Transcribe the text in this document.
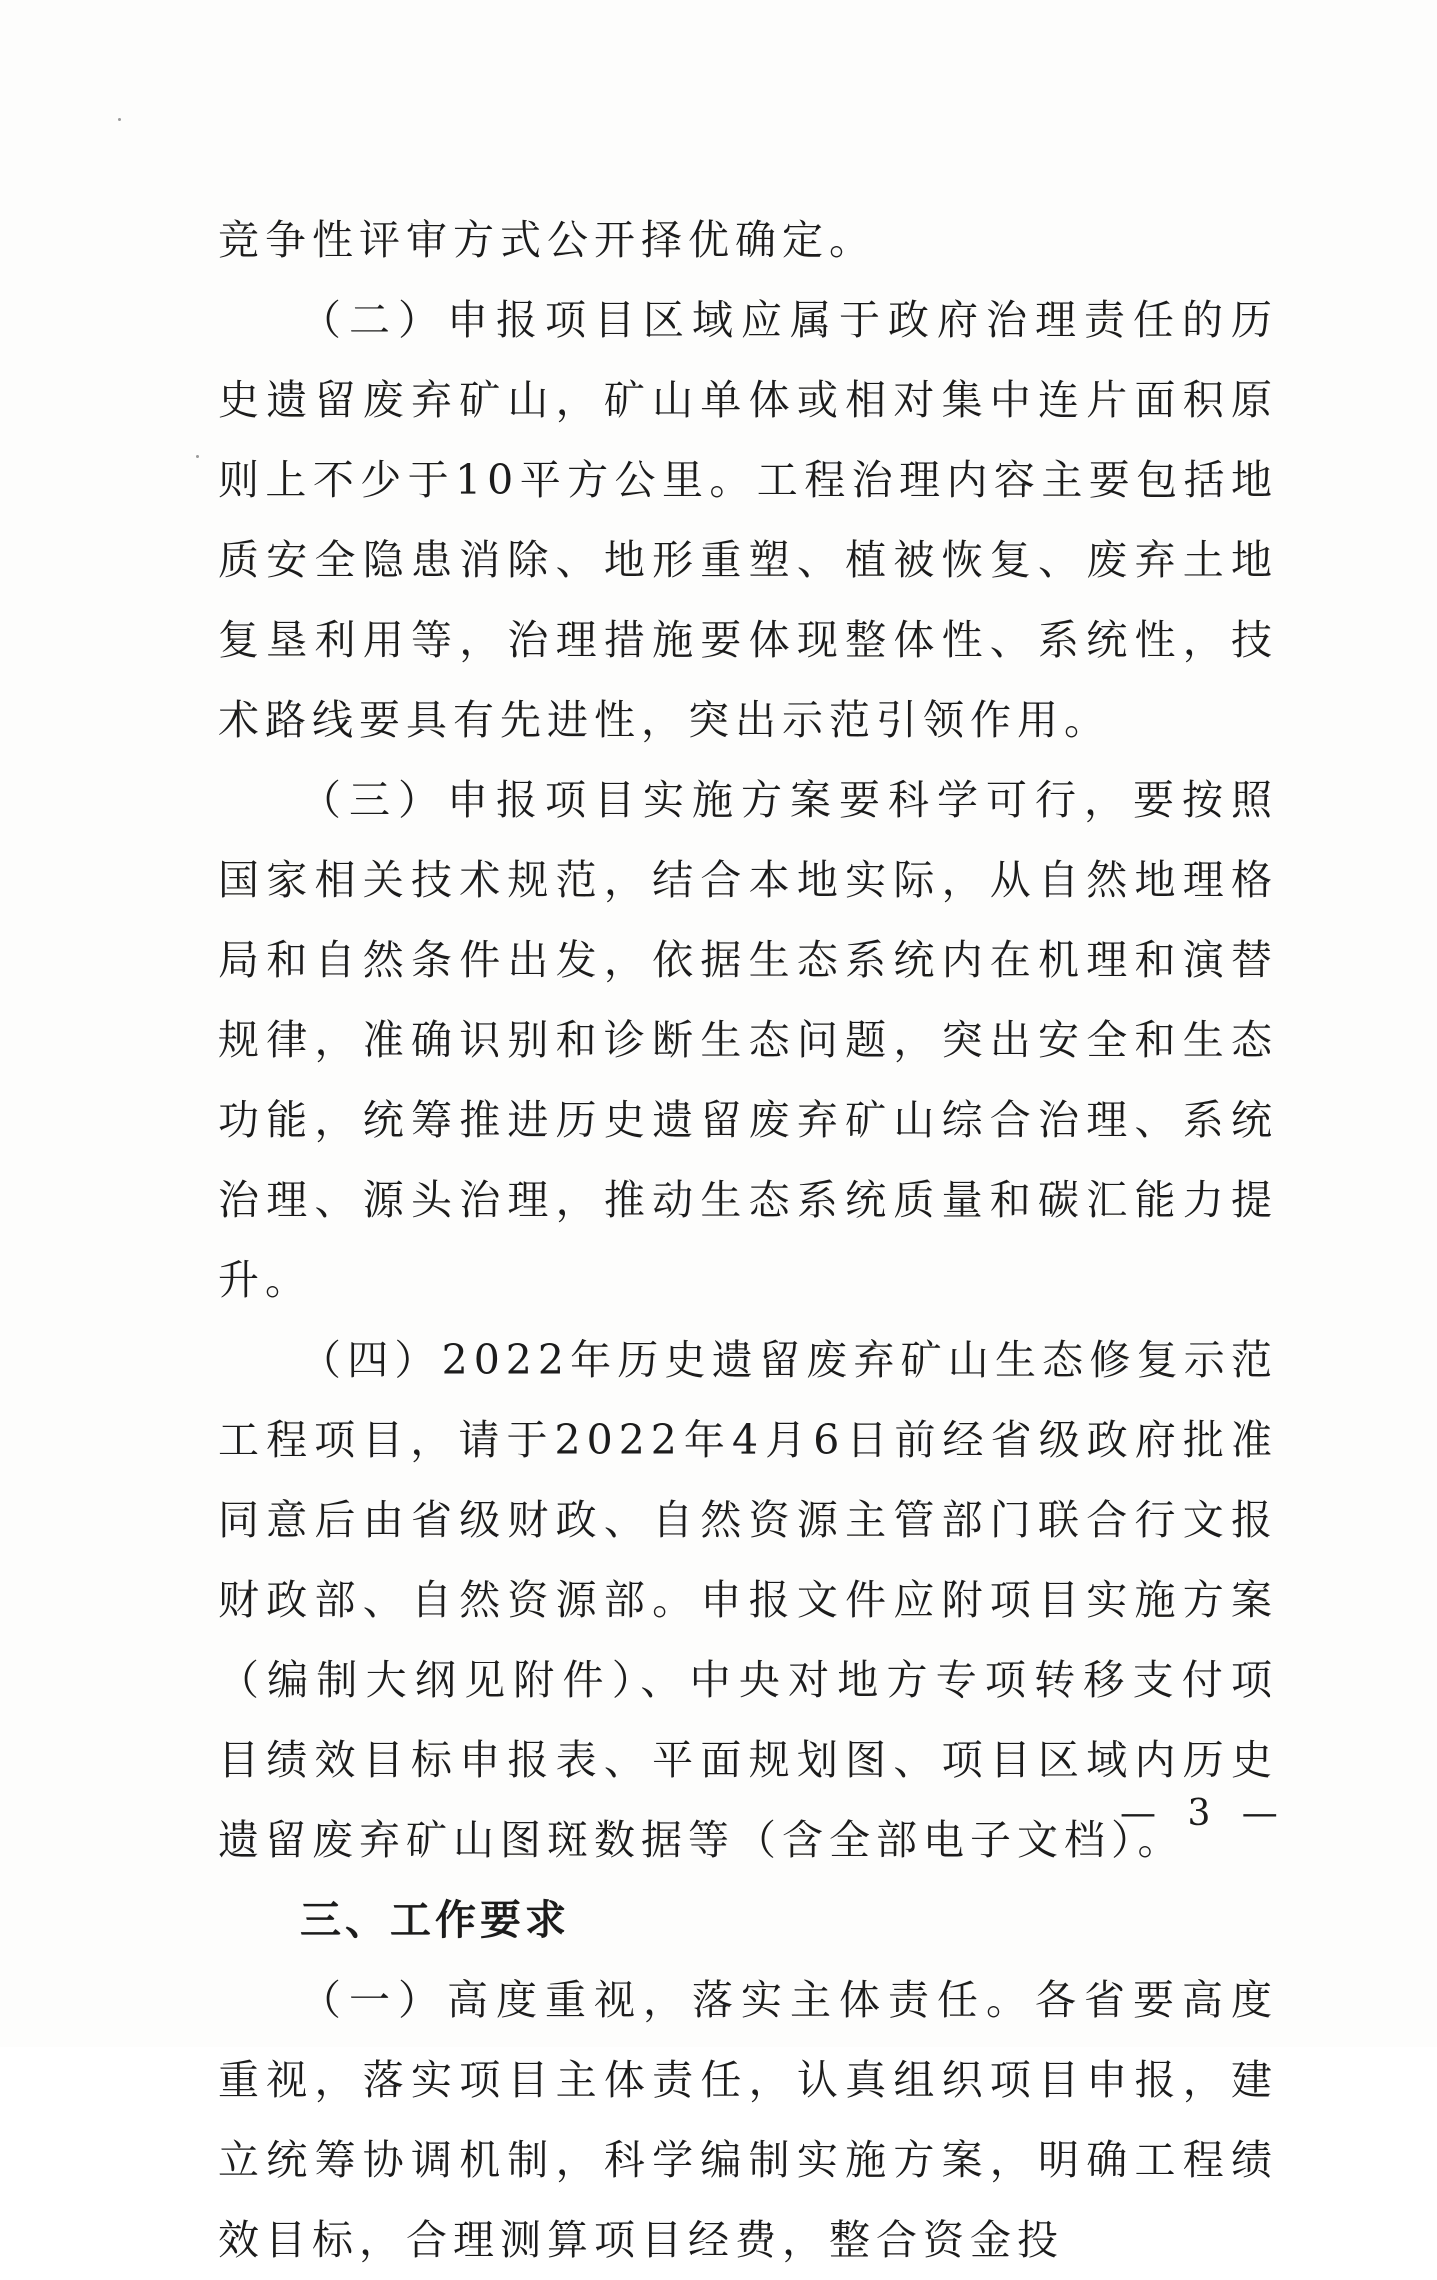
竞争性评审方式公开择优确定。

（二）申报项目区域应属于政府治理责任的历史遗留废弃矿山，矿山单体或相对集中连片面积原则上不少于10平方公里。工程治理内容主要包括地质安全隐患消除、地形重塑、植被恢复、废弃土地复垦利用等，治理措施要体现整体性、系统性，技术路线要具有先进性，突出示范引领作用。

（三）申报项目实施方案要科学可行，要按照国家相关技术规范，结合本地实际，从自然地理格局和自然条件出发，依据生态系统内在机理和演替规律，准确识别和诊断生态问题，突出安全和生态功能，统筹推进历史遗留废弃矿山综合治理、系统治理、源头治理，推动生态系统质量和碳汇能力提升。

（四）2022年历史遗留废弃矿山生态修复示范工程项目，请于2022年4月6日前经省级政府批准同意后由省级财政、自然资源主管部门联合行文报财政部、自然资源部。申报文件应附项目实施方案（编制大纲见附件）、中央对地方专项转移支付项目绩效目标申报表、平面规划图、项目区域内历史遗留废弃矿山图斑数据等（含全部电子文档）。

三、工作要求

（一）高度重视，落实主体责任。各省要高度重视，落实项目主体责任，认真组织项目申报，建立统筹协调机制，科学编制实施方案，明确工程绩效目标，合理测算项目经费，整合资金投

— 3 —
